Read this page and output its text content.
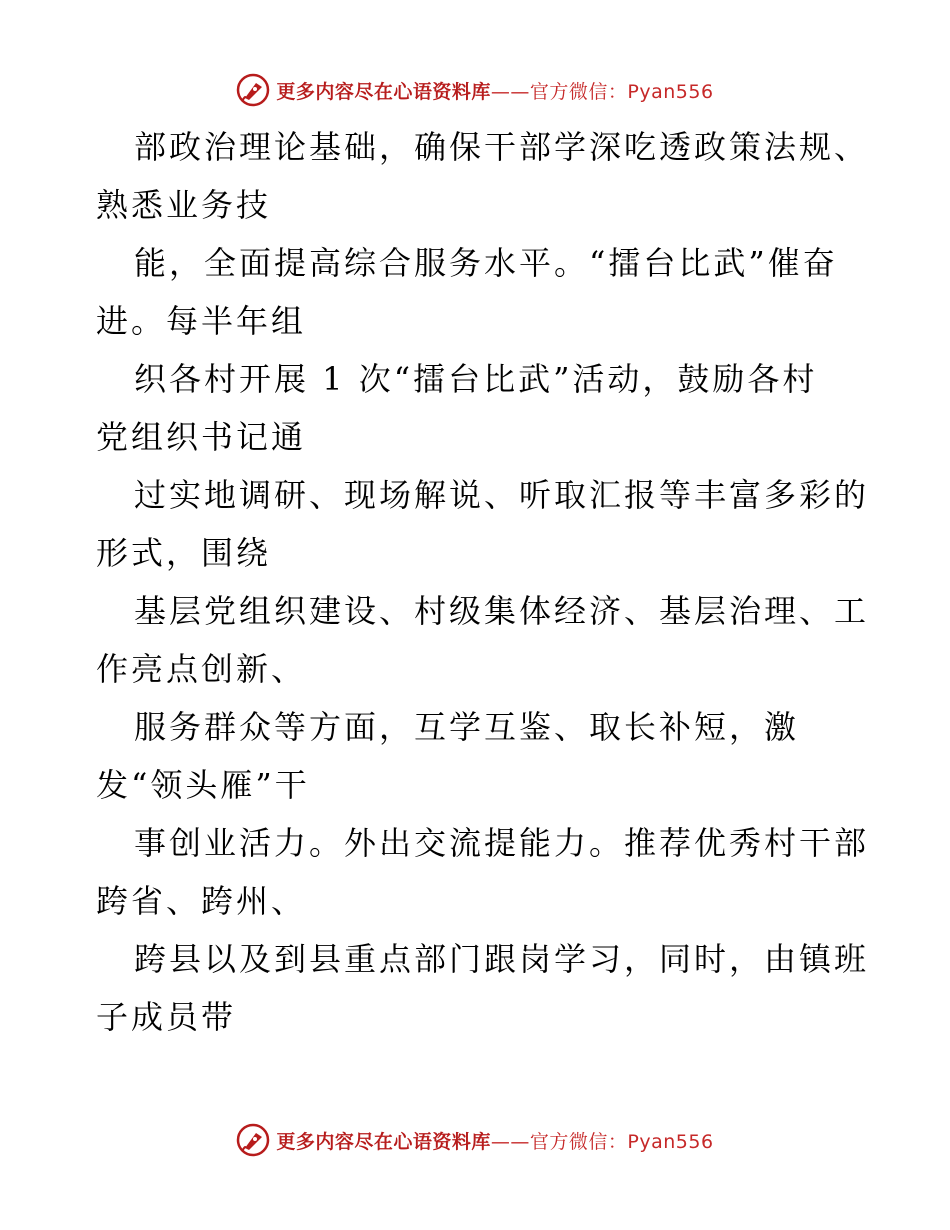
更多内容尽在心语资料库——官方微信：Pyan556
部政治理论基础，确保干部学深吃透政策法规、
熟悉业务技
能，全面提高综合服务水平。“擂台比武”催奋
进。每半年组
织各村开展 1 次“擂台比武”活动，鼓励各村
党组织书记通
过实地调研、现场解说、听取汇报等丰富多彩的
形式，围绕
基层党组织建设、村级集体经济、基层治理、工
作亮点创新、
服务群众等方面，互学互鉴、取长补短，激
发“领头雁”干
事创业活力。外出交流提能力。推荐优秀村干部
跨省、跨州、
跨县以及到县重点部门跟岗学习，同时，由镇班
子成员带
更多内容尽在心语资料库——官方微信：Pyan556
